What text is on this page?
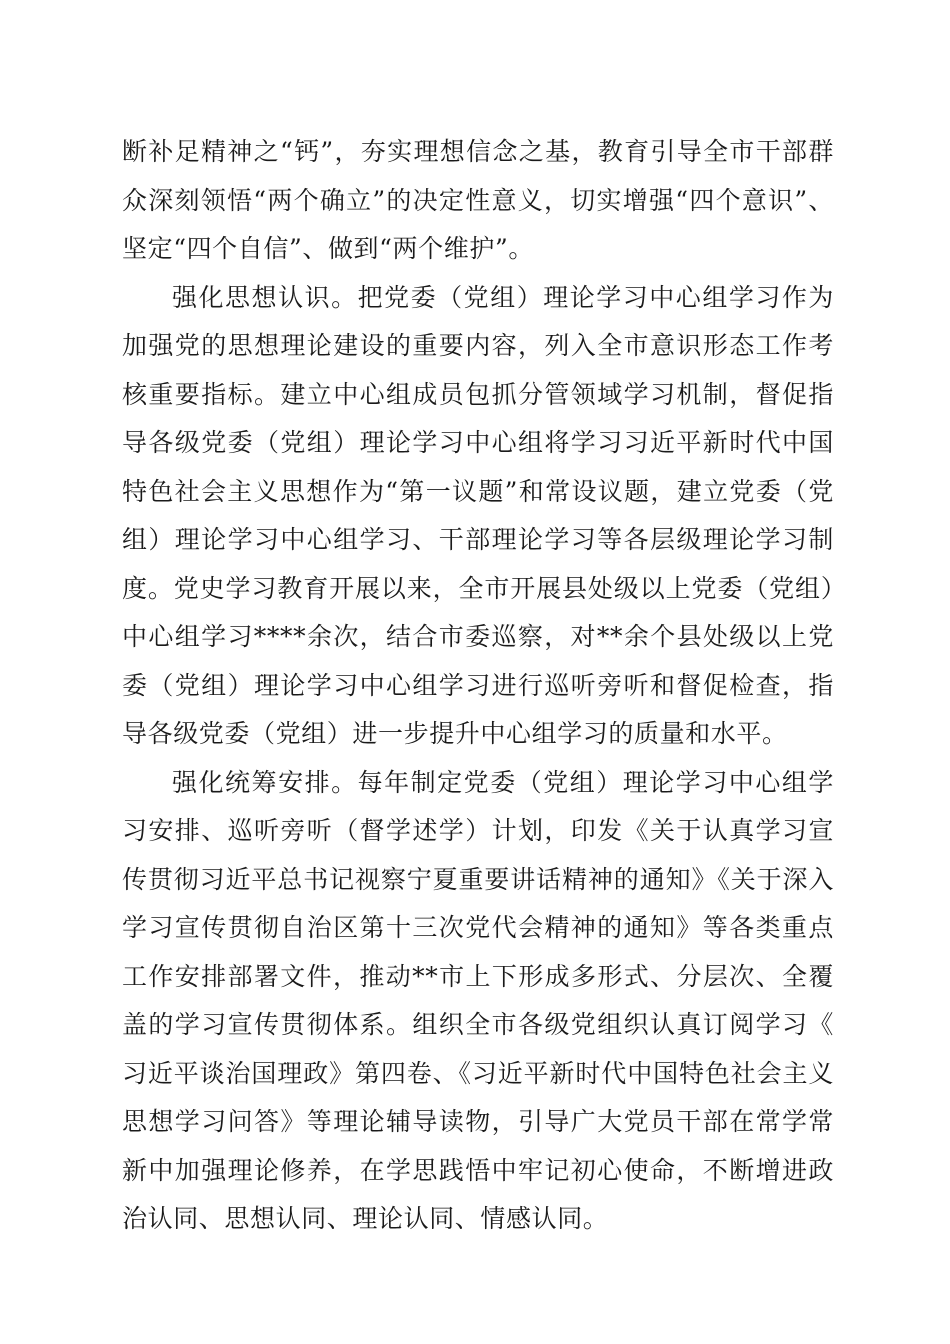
断补足精神之“钙”，夯实理想信念之基，教育引导全市干部群众深刻领悟“两个确立”的决定性意义，切实增强“四个意识”、坚定“四个自信”、做到“两个维护”。

强化思想认识。把党委（党组）理论学习中心组学习作为加强党的思想理论建设的重要内容，列入全市意识形态工作考核重要指标。建立中心组成员包抓分管领域学习机制，督促指导各级党委（党组）理论学习中心组将学习习近平新时代中国特色社会主义思想作为“第一议题”和常设议题，建立党委（党组）理论学习中心组学习、干部理论学习等各层级理论学习制度。党史学习教育开展以来，全市开展县处级以上党委（党组）中心组学习****余次，结合市委巡察，对**余个县处级以上党委（党组）理论学习中心组学习进行巡听旁听和督促检查，指导各级党委（党组）进一步提升中心组学习的质量和水平。

强化统筹安排。每年制定党委（党组）理论学习中心组学习安排、巡听旁听（督学述学）计划，印发《关于认真学习宣传贯彻习近平总书记视察宁夏重要讲话精神的通知》《关于深入学习宣传贯彻自治区第十三次党代会精神的通知》等各类重点工作安排部署文件，推动**市上下形成多形式、分层次、全覆盖的学习宣传贯彻体系。组织全市各级党组织认真订阅学习《习近平谈治国理政》第四卷、《习近平新时代中国特色社会主义思想学习问答》等理论辅导读物，引导广大党员干部在常学常新中加强理论修养，在学思践悟中牢记初心使命，不断增进政治认同、思想认同、理论认同、情感认同。
